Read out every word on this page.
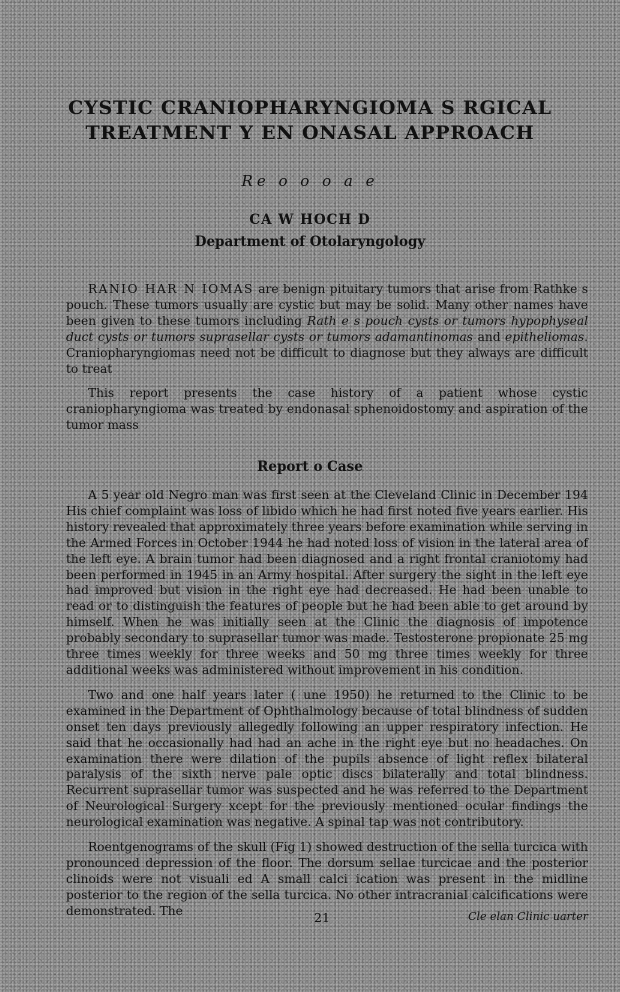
CYSTIC CRANIOPHARYNGIOMA S RGICAL
TREATMENT Y EN ONASAL APPROACH
Re o o o a e
CA W HOCH D
Department of Otolaryngology

RANIO HAR N IOMAS are benign pituitary tumors that arise from Rathke s pouch. These tumors usually are cystic but may be solid. Many other names have been given to these tumors including Rath e s pouch cysts or tumors hypophyseal duct cysts or tumors suprasellar cysts or tumors adamantinomas and epitheliomas. Craniopharyngiomas need not be difficult to diagnose but they always are difficult to treat

This report presents the case history of a patient whose cystic craniopharyngioma was treated by endonasal sphenoidostomy and aspiration of the tumor mass

Report o Case

A 5 year old Negro man was first seen at the Cleveland Clinic in December 194 His chief complaint was loss of libido which he had first noted five years earlier. His history revealed that approximately three years before examination while serving in the Armed Forces in October 1944 he had noted loss of vision in the lateral area of the left eye. A brain tumor had been diagnosed and a right frontal craniotomy had been performed in 1945 in an Army hospital. After surgery the sight in the left eye had improved but vision in the right eye had decreased. He had been unable to read or to distinguish the features of people but he had been able to get around by himself. When he was initially seen at the Clinic the diagnosis of impotence probably secondary to suprasellar tumor was made. Testosterone propionate 25 mg three times weekly for three weeks and 50 mg three times weekly for three additional weeks was administered without improvement in his condition.

Two and one half years later ( une 1950) he returned to the Clinic to be examined in the Department of Ophthalmology because of total blindness of sudden onset ten days previously allegedly following an upper respiratory infection. He said that he occasionally had had an ache in the right eye but no headaches. On examination there were dilation of the pupils absence of light reflex bilateral paralysis of the sixth nerve pale optic discs bilaterally and total blindness. Recurrent suprasellar tumor was suspected and he was referred to the Department of Neurological Surgery xcept for the previously mentioned ocular findings the neurological examination was negative. A spinal tap was not contributory.

Roentgenograms of the skull (Fig 1) showed destruction of the sella turcica with pronounced depression of the floor. The dorsum sellae turcicae and the posterior clinoids were not visuali ed A small calci ication was present in the midline posterior to the region of the sella turcica. No other intracranial calcifications were demonstrated. The	21	Cle elan Clinic uarter
